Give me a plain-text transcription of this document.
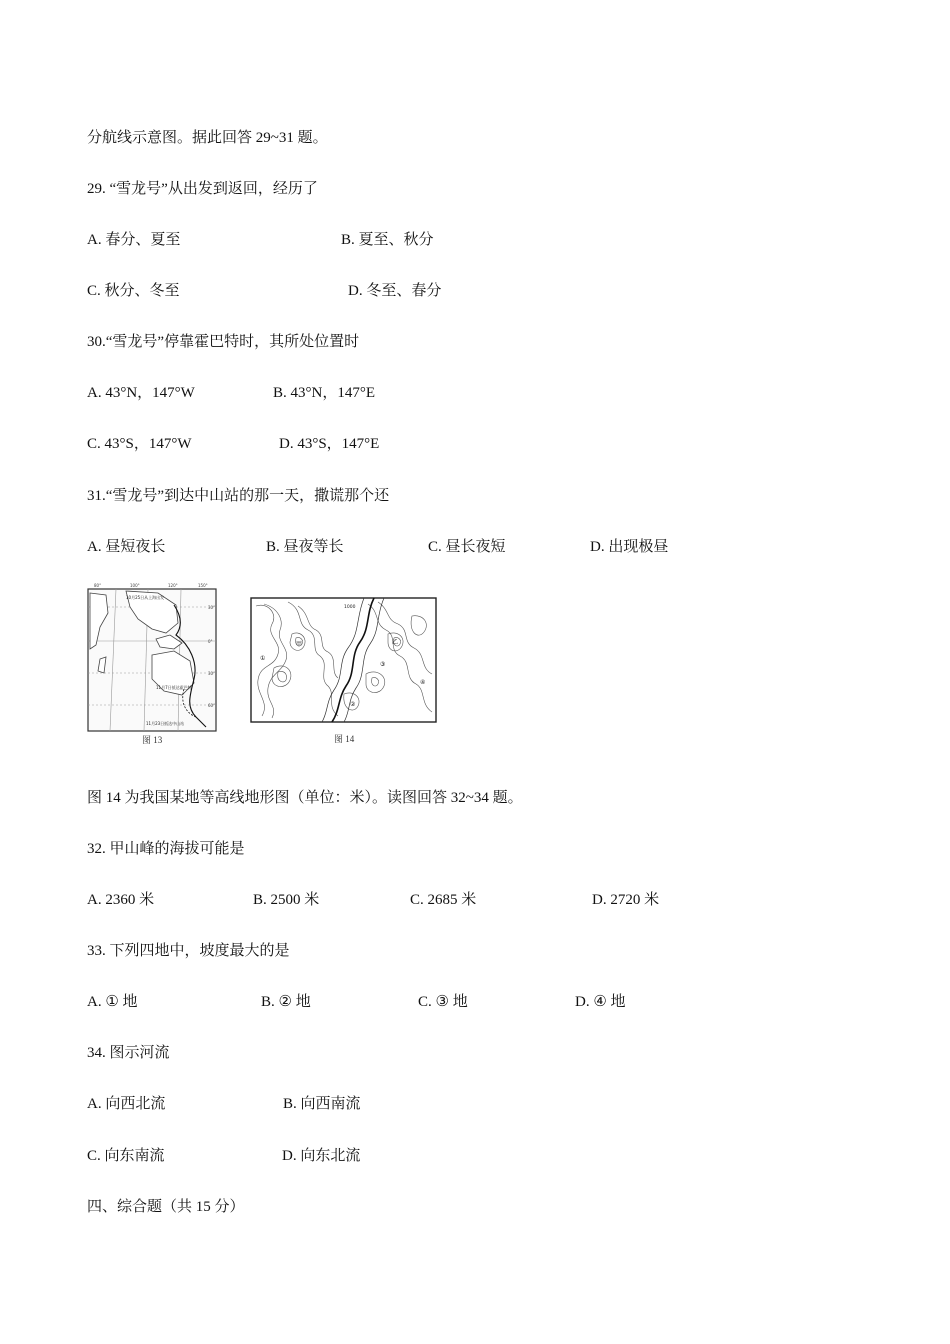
分航线示意图。据此回答 29~31 题。
29. “雪龙号”从出发到返回，经历了
A. 春分、夏至	B. 夏至、秋分
C. 秋分、冬至	D. 冬至、春分
30.“雪龙号”停靠霍巴特时，其所处位置时
A. 43°N，147°W	B. 43°N，147°E
C. 43°S，147°W	D. 43°S，147°E
31.“雪龙号”到达中山站的那一天，撒谎那个还
A. 昼短夜长	B. 昼夜等长	C. 昼长夜短	D. 出现极昼
10月25日从上海出发
11月7日抵达霍巴特
11月23日抵达中山站
80°	100°	120°	150°
30°
0°
30°
60°
图 13
甲	乙
①
②
③
④
1000
图 14
图 14 为我国某地等高线地形图（单位：米）。读图回答 32~34 题。
32. 甲山峰的海拔可能是
A. 2360 米	B. 2500 米	C. 2685 米	D. 2720 米
33. 下列四地中，坡度最大的是
A. ① 地	B. ② 地	C. ③ 地	D. ④ 地
34. 图示河流
A. 向西北流	B. 向西南流
C. 向东南流	D. 向东北流
四、综合题（共 15 分）
